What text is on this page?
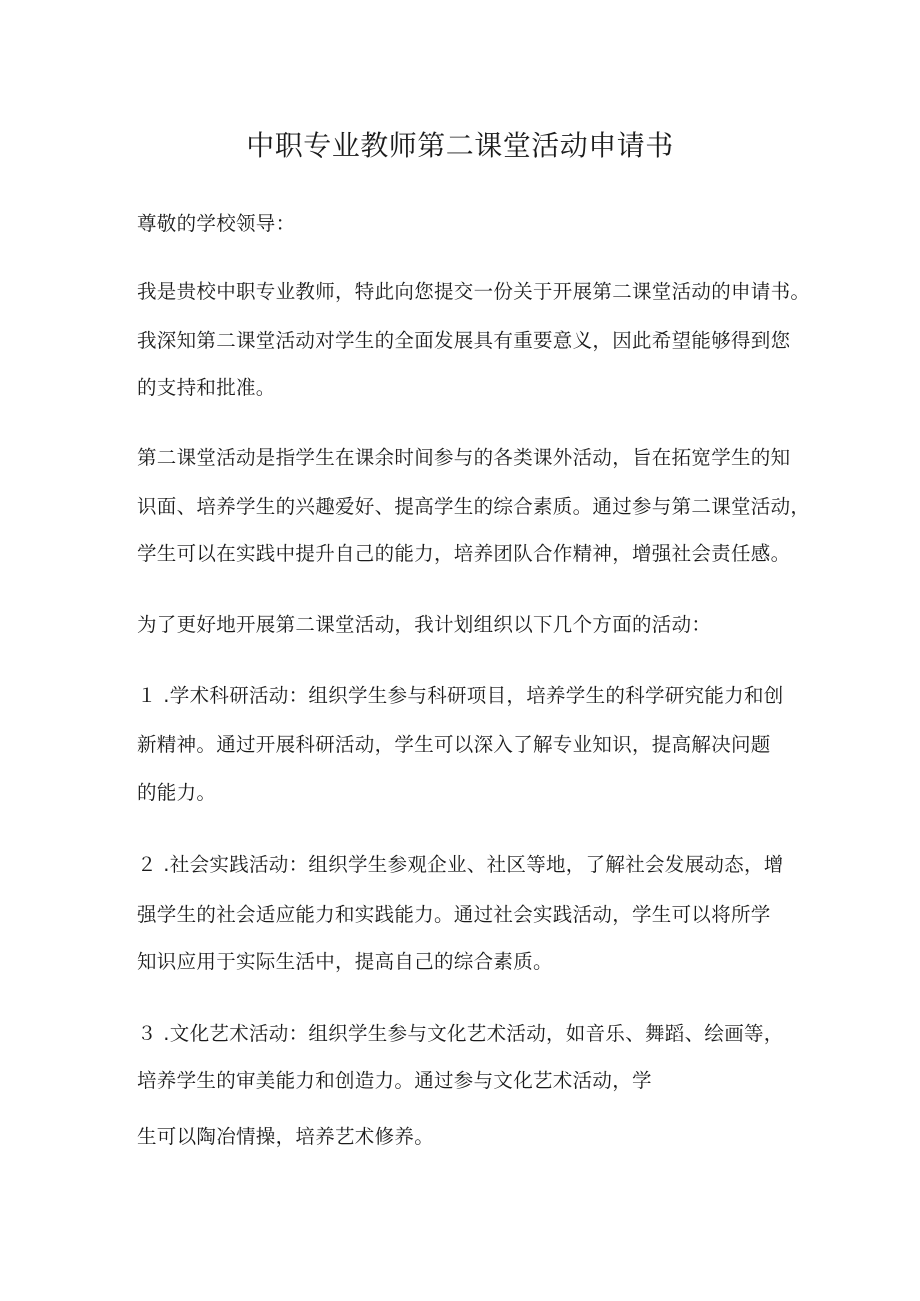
中职专业教师第二课堂活动申请书
尊敬的学校领导：
我是贵校中职专业教师，特此向您提交一份关于开展第二课堂活动的申请书。
我深知第二课堂活动对学生的全面发展具有重要意义，因此希望能够得到您
的支持和批准。
第二课堂活动是指学生在课余时间参与的各类课外活动，旨在拓宽学生的知
识面、培养学生的兴趣爱好、提高学生的综合素质。通过参与第二课堂活动，
学生可以在实践中提升自己的能力，培养团队合作精神，增强社会责任感。
为了更好地开展第二课堂活动，我计划组织以下几个方面的活动：
１ .学术科研活动：组织学生参与科研项目，培养学生的科学研究能力和创
新精神。通过开展科研活动，学生可以深入了解专业知识，提高解决问题
的能力。
２ .社会实践活动：组织学生参观企业、社区等地，了解社会发展动态，增
强学生的社会适应能力和实践能力。通过社会实践活动，学生可以将所学
知识应用于实际生活中，提高自己的综合素质。
３ .文化艺术活动：组织学生参与文化艺术活动，如音乐、舞蹈、绘画等，
培养学生的审美能力和创造力。通过参与文化艺术活动，学
生可以陶冶情操，培养艺术修养。
